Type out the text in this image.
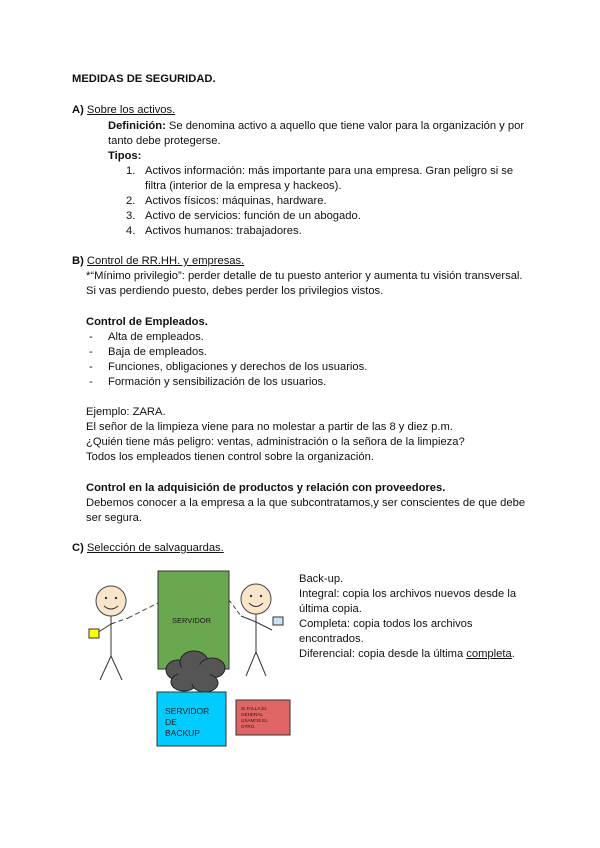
MEDIDAS DE SEGURIDAD.
A) Sobre los activos.
Definición: Se denomina activo a aquello que tiene valor para la organización y por
tanto debe protegerse.
Tipos:
1. Activos información: más importante para una empresa. Gran peligro si se
filtra (interior de la empresa y hackeos).
2. Activos físicos: máquinas, hardware.
3. Activo de servicios: función de un abogado.
4. Activos humanos: trabajadores.
B) Control de RR.HH. y empresas.
*“Mínimo privilegio”: perder detalle de tu puesto anterior y aumenta tu visión transversal.
Si vas perdiendo puesto, debes perder los privilegios vistos.
Control de Empleados.
- Alta de empleados.
- Baja de empleados.
- Funciones, obligaciones y derechos de los usuarios.
- Formación y sensibilización de los usuarios.
Ejemplo: ZARA.
El señor de la limpieza viene para no molestar a partir de las 8 y diez p.m.
¿Quién tiene más peligro: ventas, administración o la señora de la limpieza?
Todos los empleados tienen control sobre la organización.
Control en la adquisición de productos y relación con proveedores.
Debemos conocer a la empresa a la que subcontratamos,y ser conscientes de que debe
ser segura.
C) Selección de salvaguardas.
SERVIDOR
SERVIDOR DE BACKUP
SI FALLA EL GENERAL USAMOS EL OTRO.
Back-up.
Integral: copia los archivos nuevos desde la
última copia.
Completa: copia todos los archivos
encontrados.
Diferencial: copia desde la última completa.
